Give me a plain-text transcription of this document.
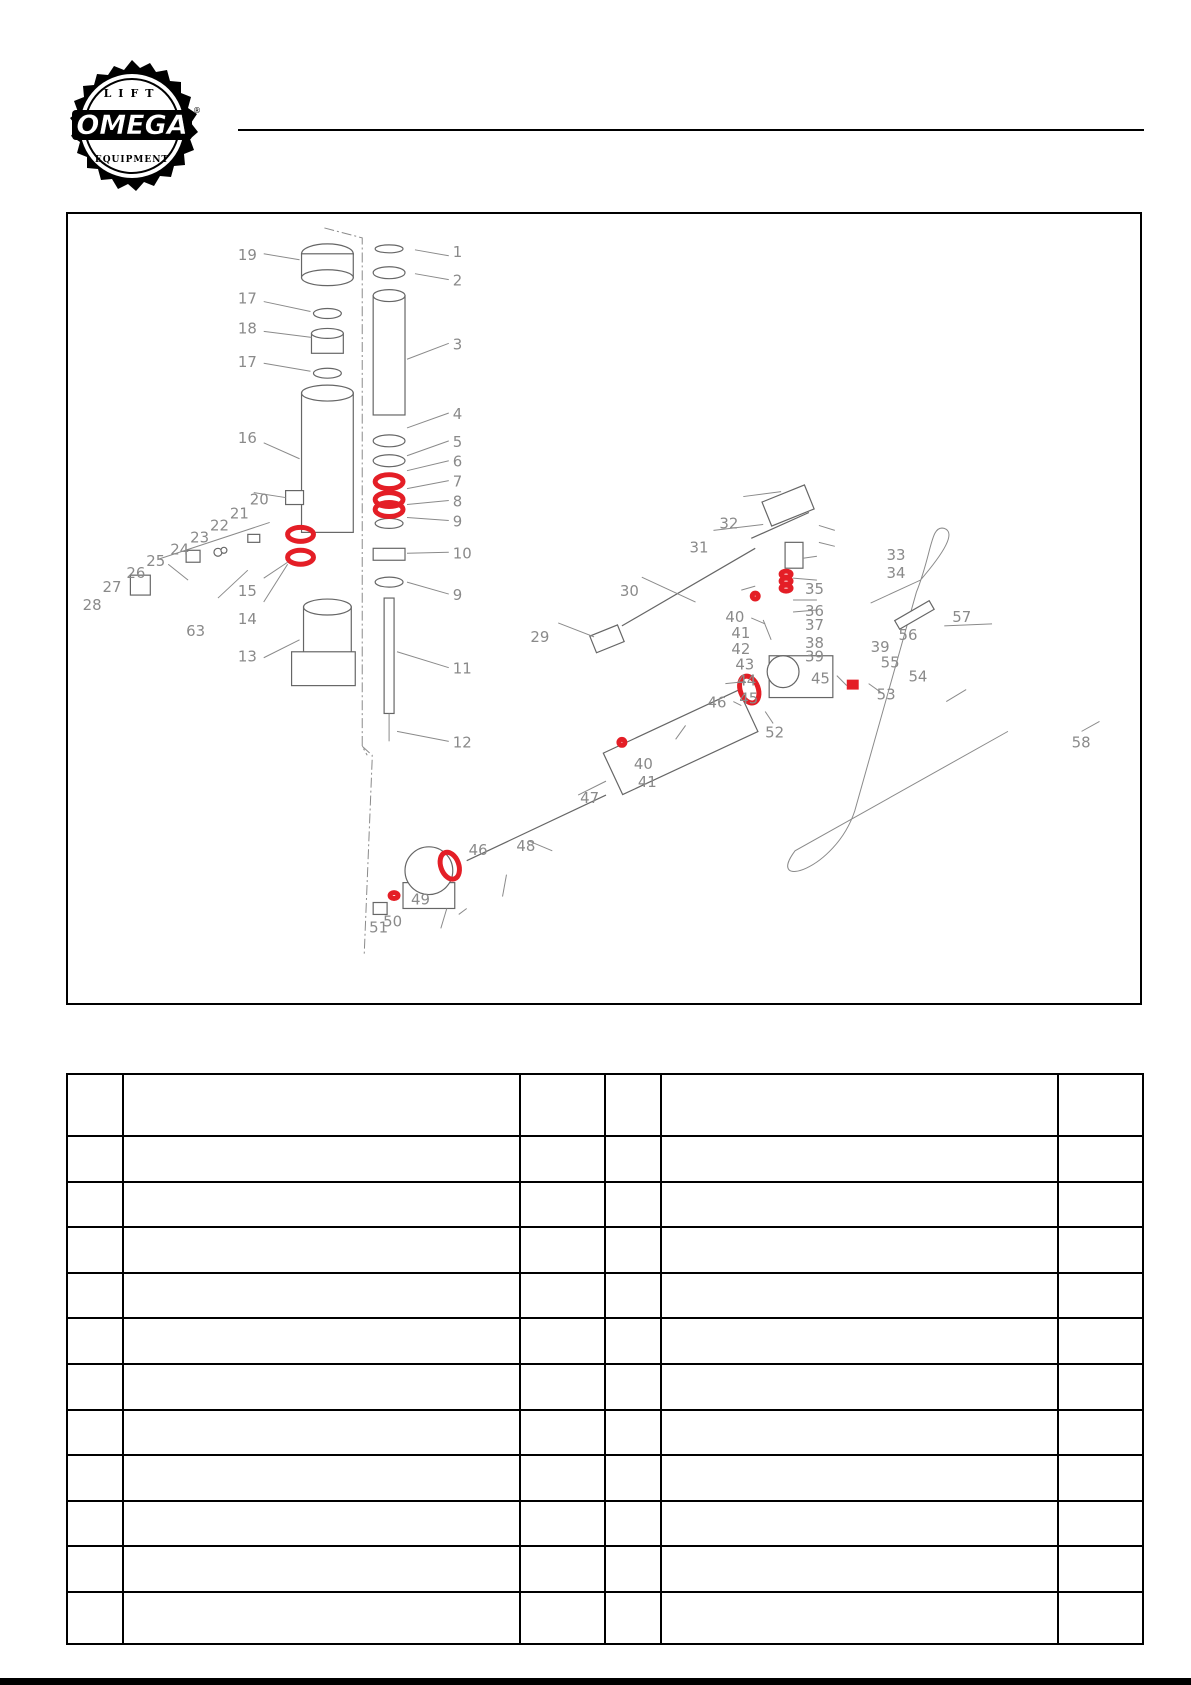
LIFT
OMEGA ®
EQUIPMENT
1
2
3
4
5
6
7
8
9
10
9
11
12
19
17
18
17
16
20
21
22
23
24
25
26
27
28
63
15
14
13
32
31
30
29
33
34
35
36
37
38
39
40
41
42
43
44
45
45
46
47
48
49
50
51
52
53
54
55
56
57
58
39
40
41
46
